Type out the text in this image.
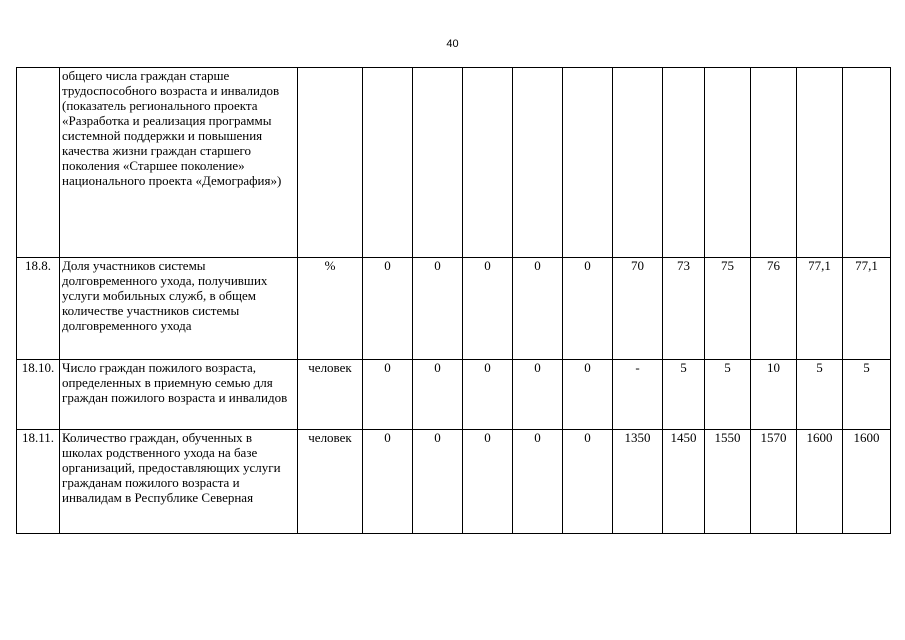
40
	общего числа граждан старше трудоспособного возраста и инвалидов (показатель регионального проекта «Разработка и реализация программы системной поддержки и повышения качества жизни граждан старшего поколения «Старшее поколение» национального проекта «Демография»)												
18.8.	Доля участников системы долговременного ухода, получивших услуги мобильных служб, в общем количестве участников системы долговременного ухода	%	0	0	0	0	0	70	73	75	76	77,1	77,1
18.10.	Число граждан пожилого возраста, определенных в приемную семью для граждан пожилого возраста и инвалидов	человек	0	0	0	0	0	-	5	5	10	5	5
18.11.	Количество граждан, обученных в школах родственного ухода на базе организаций, предоставляющих услуги гражданам пожилого возраста и инвалидам в Республике Северная	человек	0	0	0	0	0	1350	1450	1550	1570	1600	1600
